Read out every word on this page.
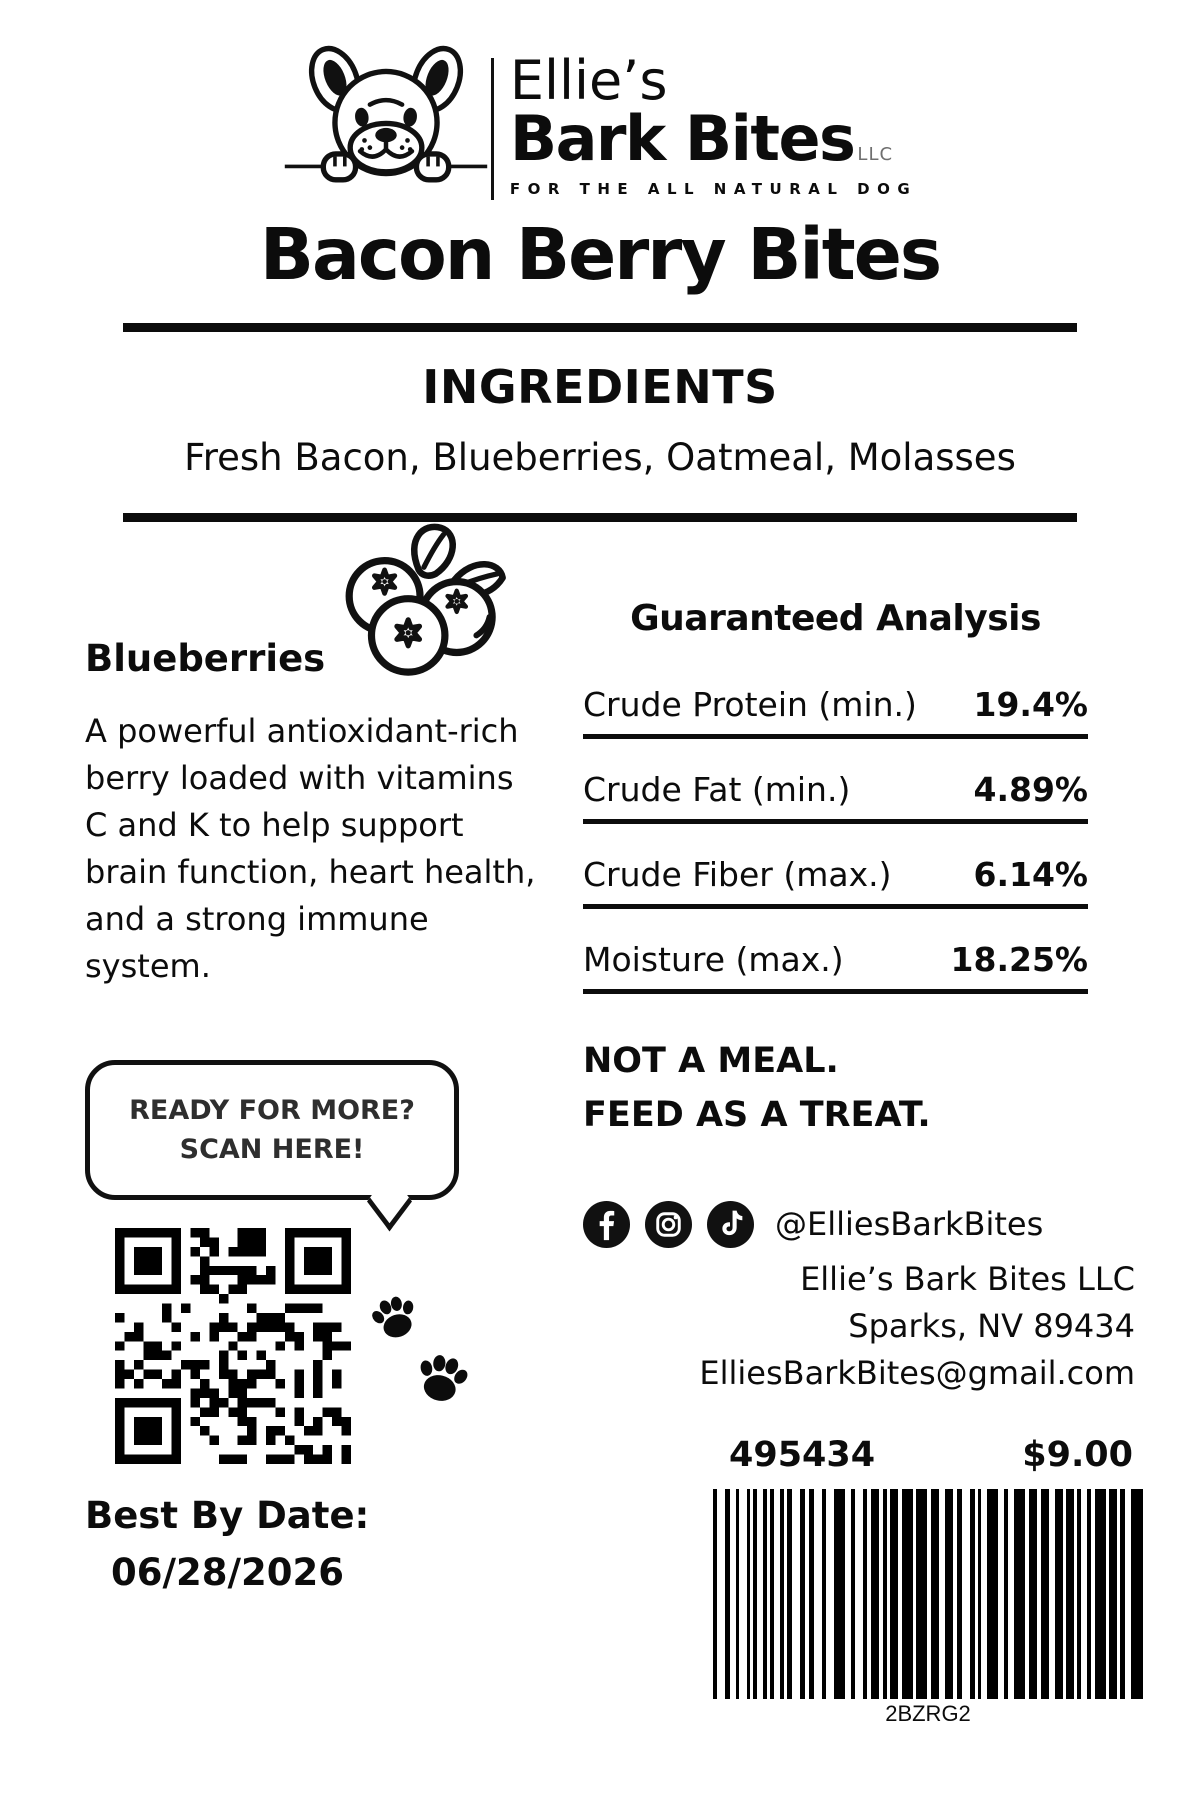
Ellie’s
Bark Bites LLC
FOR THE ALL NATURAL DOG
Bacon Berry Bites
INGREDIENTS

Fresh Bacon, Blueberries, Oatmeal, Molasses

Blueberries

A powerful antioxidant-rich berry loaded with vitamins C and K to help support brain function, heart health, and a strong immune system.

READY FOR MORE?
SCAN HERE!
Best By Date:
06/28/2026
Guaranteed Analysis
Crude Protein (min.) 19.4%
Crude Fat (min.)	4.89%
Crude Fiber (max.) 6.14%
Moisture (max.)	18.25%
NOT A MEAL.
FEED AS A TREAT.
@ElliesBarkBites
Ellie’s Bark Bites LLC
Sparks, NV 89434
ElliesBarkBites@gmail.com
495434	$9.00
2BZRG2
